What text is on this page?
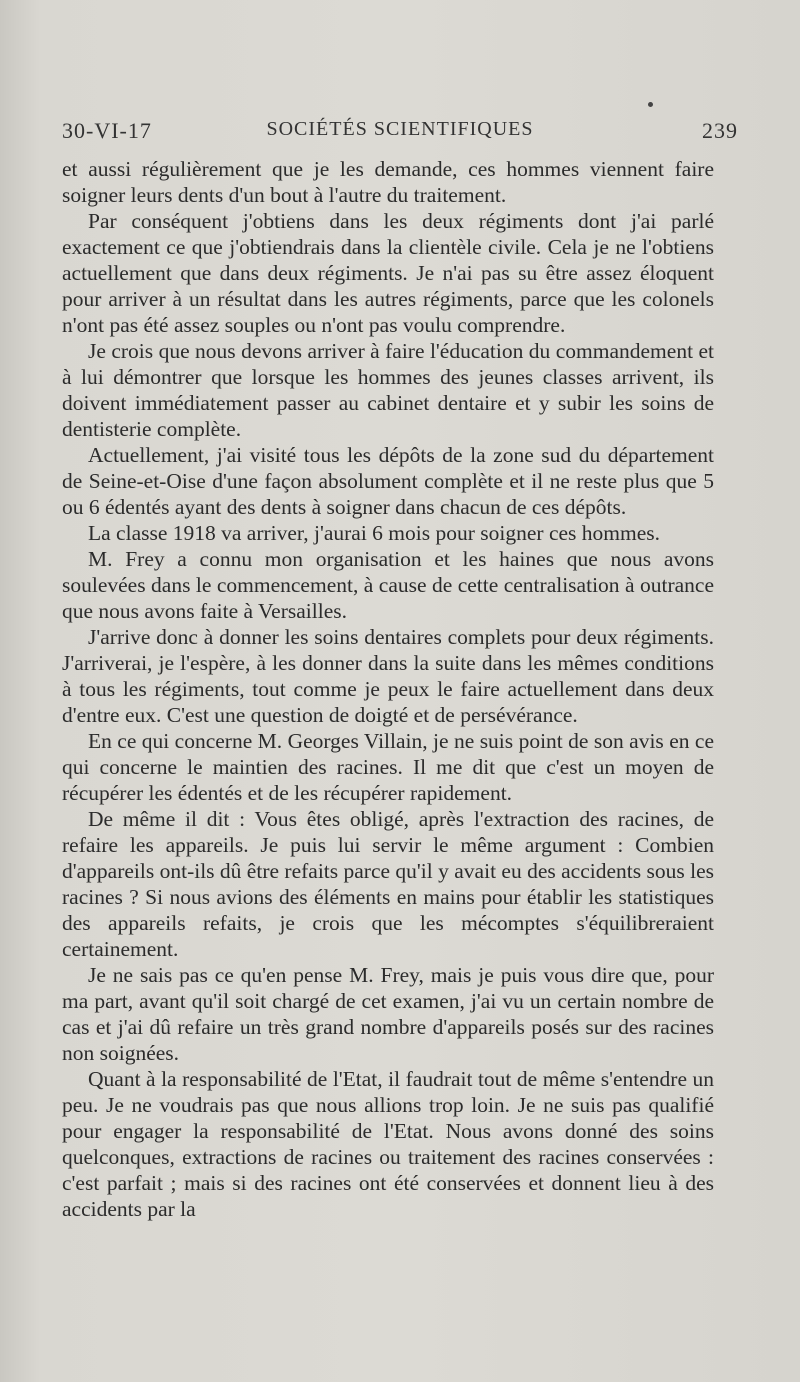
30-VI-17	SOCIÉTÉS SCIENTIFIQUES	239

et aussi régulièrement que je les demande, ces hommes viennent faire soigner leurs dents d'un bout à l'autre du traitement.

Par conséquent j'obtiens dans les deux régiments dont j'ai parlé exactement ce que j'obtiendrais dans la clientèle civile. Cela je ne l'obtiens actuellement que dans deux régiments. Je n'ai pas su être assez éloquent pour arriver à un résultat dans les autres régiments, parce que les colonels n'ont pas été assez souples ou n'ont pas voulu comprendre.

Je crois que nous devons arriver à faire l'éducation du commandement et à lui démontrer que lorsque les hommes des jeunes classes arrivent, ils doivent immédiatement passer au cabinet dentaire et y subir les soins de dentisterie complète.

Actuellement, j'ai visité tous les dépôts de la zone sud du département de Seine-et-Oise d'une façon absolument complète et il ne reste plus que 5 ou 6 édentés ayant des dents à soigner dans chacun de ces dépôts.

La classe 1918 va arriver, j'aurai 6 mois pour soigner ces hommes.

M. Frey a connu mon organisation et les haines que nous avons soulevées dans le commencement, à cause de cette centralisation à outrance que nous avons faite à Versailles.

J'arrive donc à donner les soins dentaires complets pour deux régiments. J'arriverai, je l'espère, à les donner dans la suite dans les mêmes conditions à tous les régiments, tout comme je peux le faire actuellement dans deux d'entre eux. C'est une question de doigté et de persévérance.

En ce qui concerne M. Georges Villain, je ne suis point de son avis en ce qui concerne le maintien des racines. Il me dit que c'est un moyen de récupérer les édentés et de les récupérer rapidement.

De même il dit : Vous êtes obligé, après l'extraction des racines, de refaire les appareils. Je puis lui servir le même argument : Combien d'appareils ont-ils dû être refaits parce qu'il y avait eu des accidents sous les racines ? Si nous avions des éléments en mains pour établir les statistiques des appareils refaits, je crois que les mécomptes s'équilibreraient certainement.

Je ne sais pas ce qu'en pense M. Frey, mais je puis vous dire que, pour ma part, avant qu'il soit chargé de cet examen, j'ai vu un certain nombre de cas et j'ai dû refaire un très grand nombre d'appareils posés sur des racines non soignées.

Quant à la responsabilité de l'Etat, il faudrait tout de même s'entendre un peu. Je ne voudrais pas que nous allions trop loin. Je ne suis pas qualifié pour engager la responsabilité de l'Etat. Nous avons donné des soins quelconques, extractions de racines ou traitement des racines conservées : c'est parfait ; mais si des racines ont été conservées et donnent lieu à des accidents par la
